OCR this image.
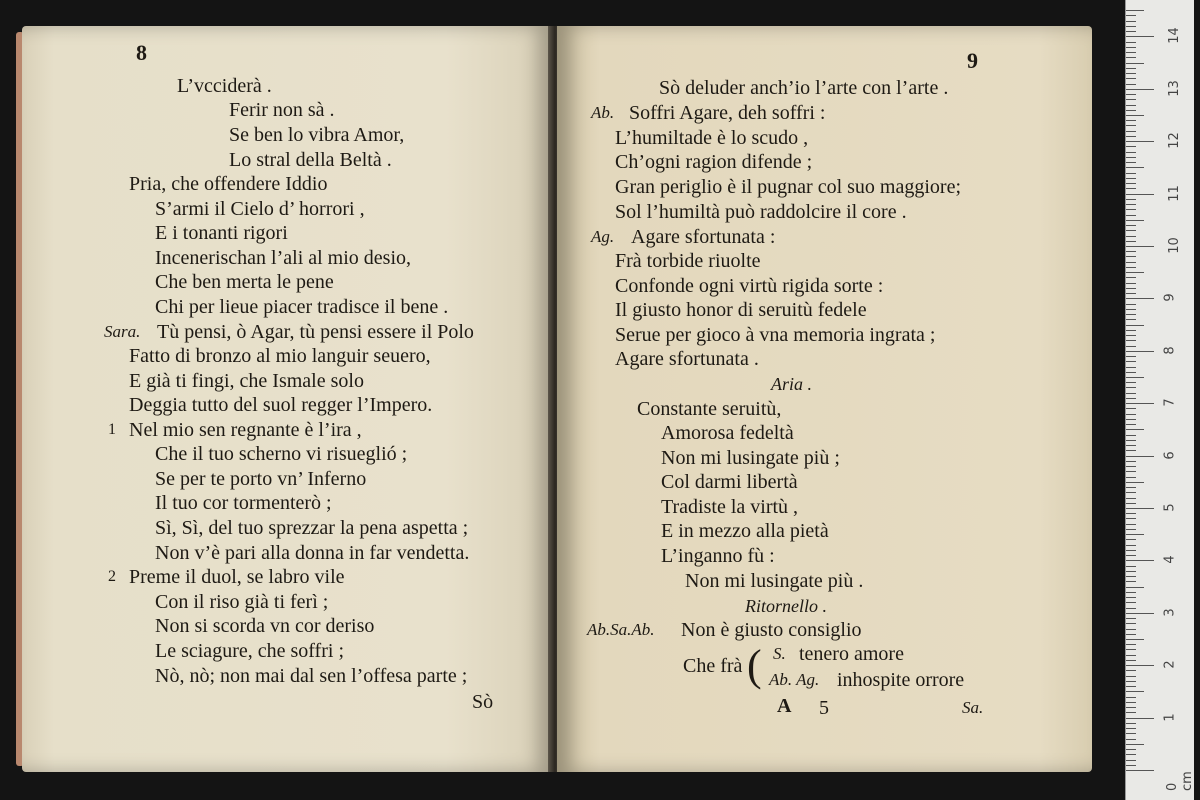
8
L’vcciderà .
Ferir non sà .
Se ben lo vibra Amor,
Lo stral della Beltà .
Pria, che offendere Iddio
S’armi il Cielo d’ horrori ,
E i tonanti rigori
Incenerischan l’ali al mio desio,
Che ben merta le pene
Chi per lieue piacer tradisce il bene .
Tù pensi, ò Agar, tù pensi essere il Polo
Fatto di bronzo al mio languir seuero,
E già ti fingi, che Ismale solo
Deggia tutto del suol regger l’Impero.
Nel mio sen regnante è l’ira ,
Che il tuo scherno vi risueglió ;
Se per te porto vn’ Inferno
Il tuo cor tormenterò ;
Sì, Sì, del tuo sprezzar la pena aspetta ;
Non v’è pari alla donna in far vendetta.
Preme il duol, se labro vile
Con il riso già ti ferì ;
Non si scorda vn cor deriso
Le sciagure, che soffri ;
Nò, nò; non mai dal sen l’offesa parte ;
Sò
Sara.
1
2
9
Sò deluder anch’io l’arte con l’arte .
Soffri Agare, deh soffri :
L’humiltade è lo scudo ,
Ch’ogni ragion difende ;
Gran periglio è il pugnar col suo maggiore;
Sol l’humiltà può raddolcire il core .
Agare sfortunata :
Frà torbide riuolte
Confonde ogni virtù rigida sorte :
Il giusto honor di seruitù fedele
Serue per gioco à vna memoria ingrata ;
Agare sfortunata .
Constante seruitù,
Amorosa fedeltà
Non mi lusingate più ;
Col darmi libertà
Tradiste la virtù ,
E in mezzo alla pietà
L’inganno fù :
Non mi lusingate più .
Non è giusto consiglio
Che frà
Ab.
Ag.
Aria .
Ritornello .
Ab.Sa.Ab.
( S. tenero amore
Ab. Ag. inhospite orrore
A 5	Sa.
0 cm
1
2
3
4
5
6
7
8
9
10
11
12
13
14
